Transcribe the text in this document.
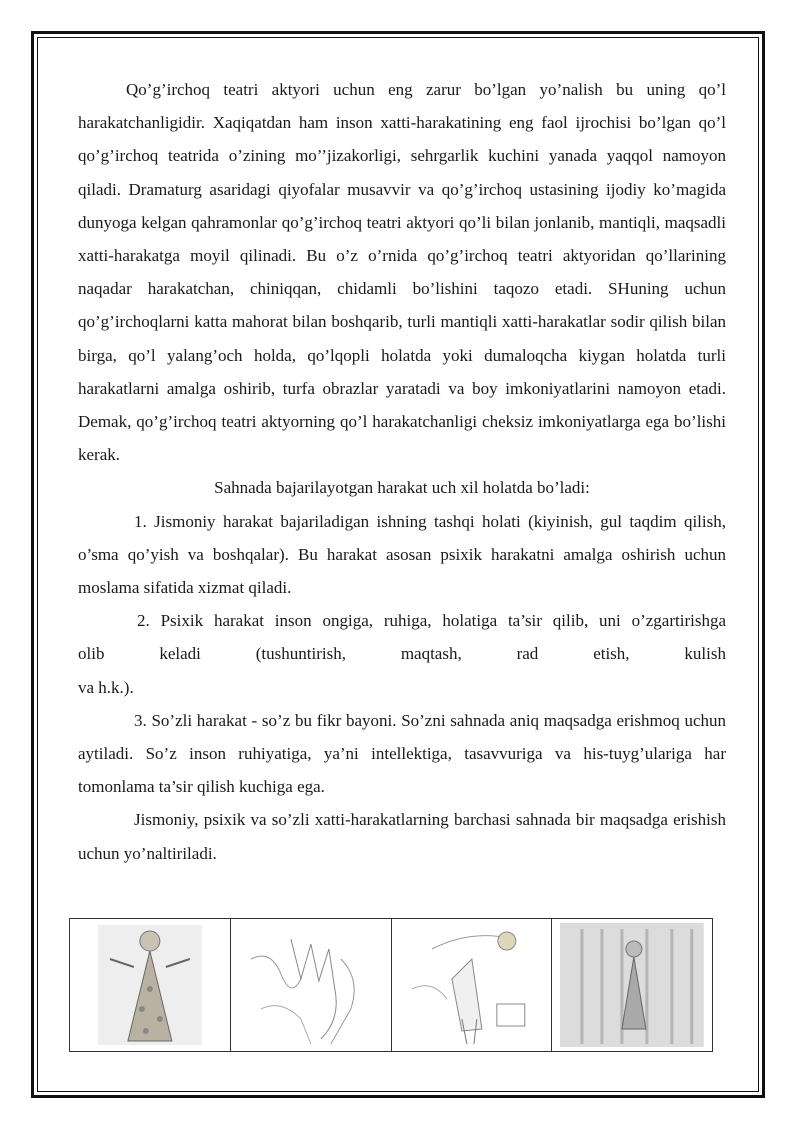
Qo’g’irchoq teatri aktyori uchun eng zarur bo’lgan yo’nalish bu uning qo’l harakatchanligidir. Xaqiqatdan ham inson xatti-harakatining eng faol ijrochisi bo’lgan qo’l qo’g’irchoq teatrida o’zining mo’’jizakorligi, sehrgarlik kuchini yanada yaqqol namoyon qiladi. Dramaturg asaridagi qiyofalar musavvir va qo’g’irchoq ustasining ijodiy ko’magida dunyoga kelgan qahramonlar qo’g’irchoq teatri aktyori qo’li bilan jonlanib, mantiqli, maqsadli xatti-harakatga moyil qilinadi. Bu o’z o’rnida qo’g’irchoq teatri aktyoridan qo’llarining naqadar harakatchan, chiniqqan, chidamli bo’lishini taqozo etadi. SHuning uchun qo’g’irchoqlarni katta mahorat bilan boshqarib, turli mantiqli xatti-harakatlar sodir qilish bilan birga, qo’l yalang’och holda, qo’lqopli holatda yoki dumaloqcha kiygan holatda turli harakatlarni amalga oshirib, turfa obrazlar yaratadi va boy imkoniyatlarini namoyon etadi. Demak, qo’g’irchoq teatri aktyorning qo’l harakatchanligi cheksiz imkoniyatlarga ega bo’lishi kerak.

Sahnada bajarilayotgan harakat uch xil holatda bo’ladi:

1. Jismoniy harakat bajariladigan ishning tashqi holati (kiyinish, gul taqdim qilish, o’sma qo’yish va boshqalar). Bu harakat asosan psixik harakatni amalga oshirish uchun moslama sifatida xizmat qiladi.

2. Psixik harakat inson ongiga, ruhiga, holatiga ta’sir qilib, uni o’zgartirishga

olib keladi (tushuntirish, maqtash, rad etish, kulish

va h.k.).

3. So’zli harakat - so’z bu fikr bayoni. So’zni sahnada aniq maqsadga erishmoq uchun aytiladi. So’z inson ruhiyatiga, ya’ni intellektiga, tasavvuriga va his-tuyg’ulariga har tomonlama ta’sir qilish kuchiga ega.

Jismoniy, psixik va so’zli xatti-harakatlarning barchasi sahnada bir maqsadga erishish uchun yo’naltiriladi.
